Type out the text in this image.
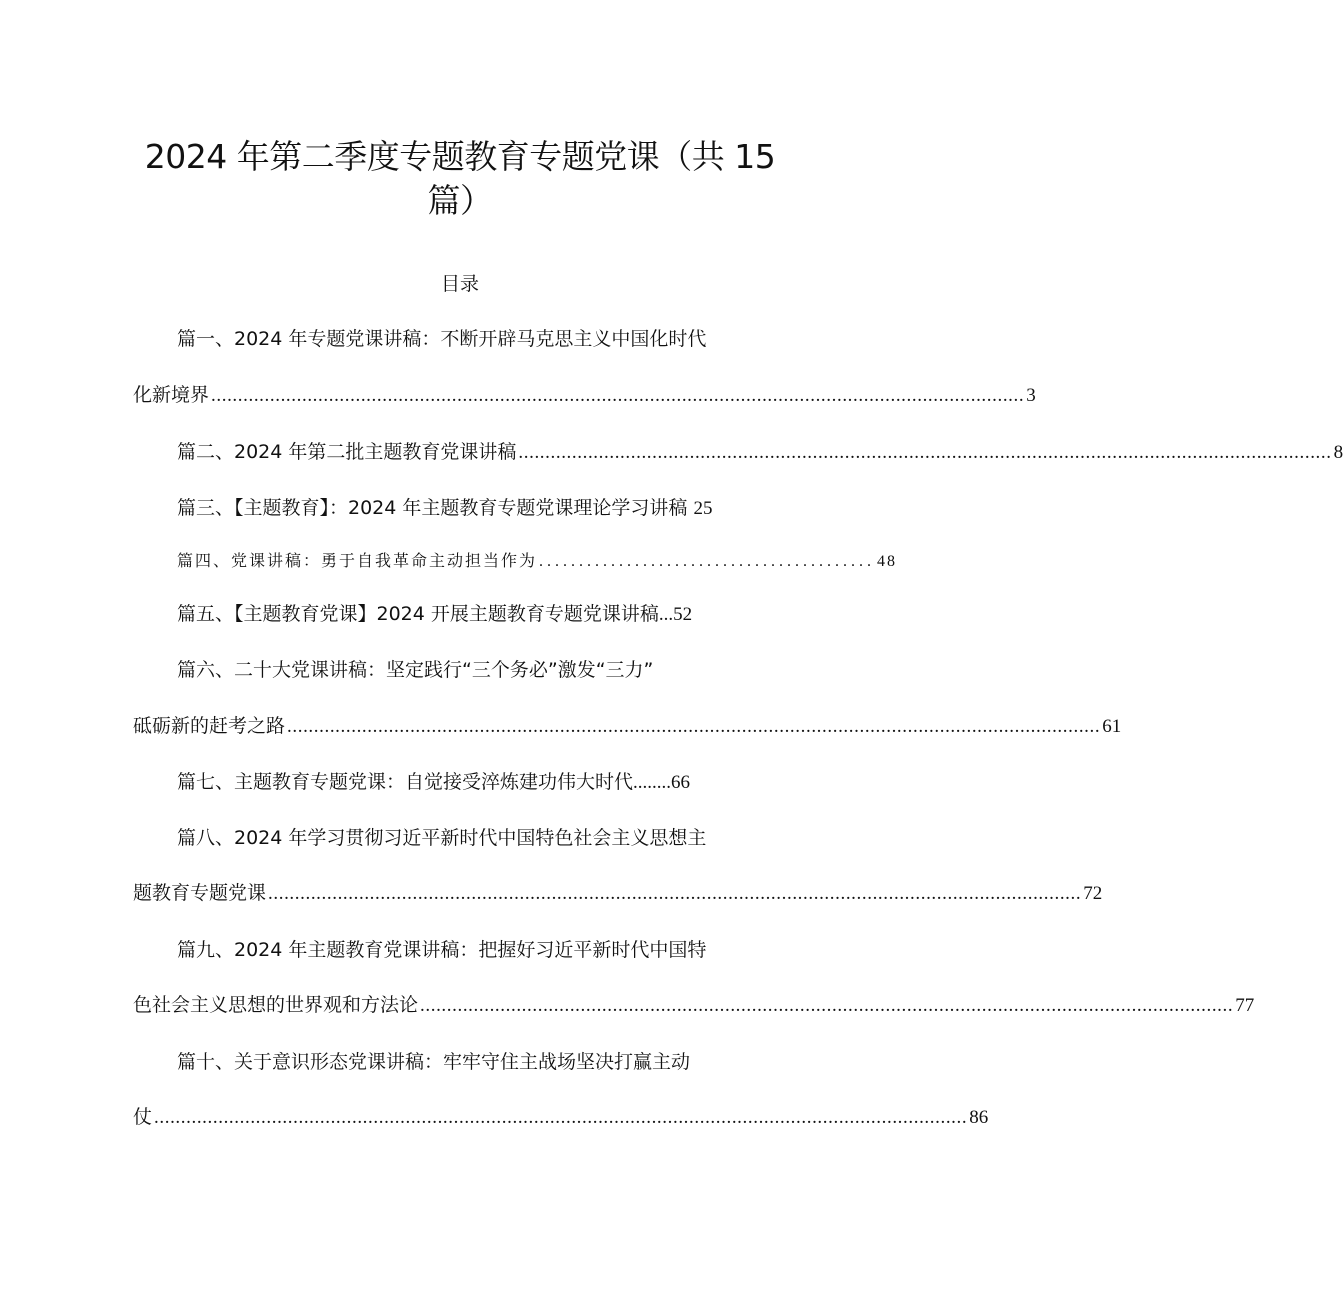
2024 年第二季度专题教育专题党课（共 15
篇）
目录
篇一、2024 年专题党课讲稿：不断开辟马克思主义中国化时代
化新境界 ........................................................................................................................................................ 3
篇二、2024 年第二批主题教育党课讲稿 ........................................................................................................................................................ 8
篇三、【主题教育】：2024 年主题教育专题党课理论学习讲稿 25
篇四、党课讲稿：勇于自我革命主动担当作为 .......................................... 48
篇五、【主题教育党课】2024 开展主题教育专题党课讲稿...52
篇六、二十大党课讲稿：坚定践行“三个务必”激发“三力”
砥砺新的赶考之路 ........................................................................................................................................................ 61
篇七、主题教育专题党课：自觉接受淬炼建功伟大时代........66
篇八、2024 年学习贯彻习近平新时代中国特色社会主义思想主
题教育专题党课 ........................................................................................................................................................ 72
篇九、2024 年主题教育党课讲稿：把握好习近平新时代中国特
色社会主义思想的世界观和方法论 ........................................................................................................................................................ 77
篇十、关于意识形态党课讲稿：牢牢守住主战场坚决打赢主动
仗 ........................................................................................................................................................ 86
